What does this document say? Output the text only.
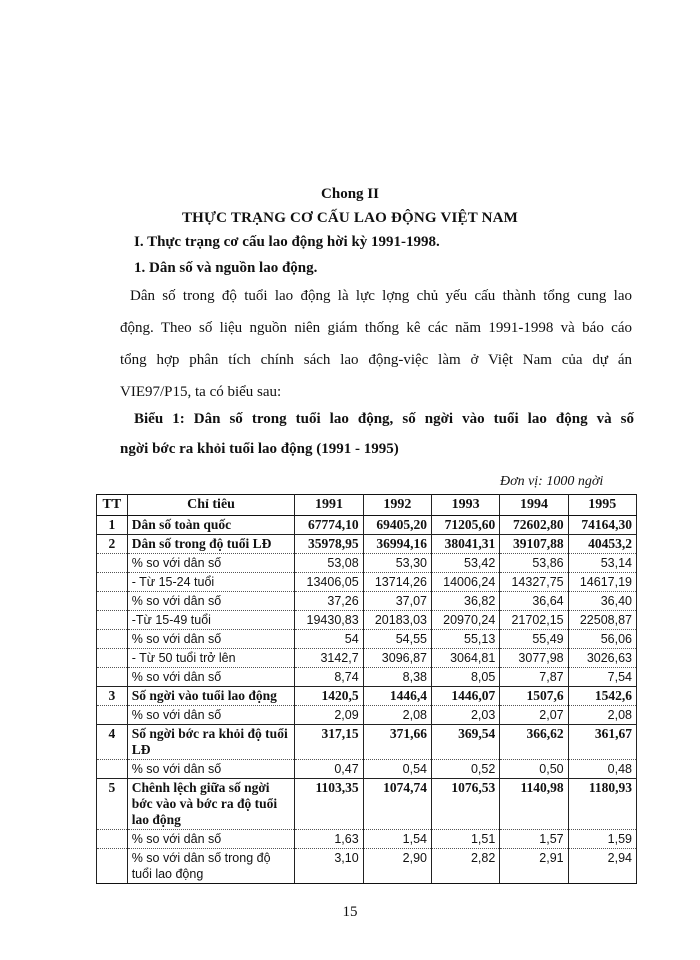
Chong II
THỰC TRẠNG CƠ CẤU LAO ĐỘNG VIỆT NAM
I. Thực trạng cơ cấu lao động hời kỳ 1991-1998.
1. Dân số và nguồn lao động.
Dân số trong độ tuổi lao động là lực lợng chủ yếu cấu thành tổng cung lao
động. Theo số liệu nguồn niên giám thống kê các năm 1991-1998 và báo cáo
tổng hợp phân tích chính sách lao động-việc làm ở Việt Nam của dự án
VIE97/P15, ta có biểu sau:
Biểu 1: Dân số trong tuổi lao động, số ngời vào tuổi lao động và số
ngời bớc ra khỏi tuổi lao động (1991 - 1995)
Đơn vị: 1000 ngời
TT	Chỉ tiêu	1991	1992	1993	1994	1995
1	Dân số toàn quốc	67774,10	69405,20	71205,60	72602,80	74164,30
2	Dân số trong độ tuổi LĐ	35978,95	36994,16	38041,31	39107,88	40453,2
	% so với dân số	53,08	53,30	53,42	53,86	53,14
	- Từ 15-24 tuổi	13406,05	13714,26	14006,24	14327,75	14617,19
	% so với dân số	37,26	37,07	36,82	36,64	36,40
	-Từ 15-49 tuổi	19430,83	20183,03	20970,24	21702,15	22508,87
	% so với dân số	54	54,55	55,13	55,49	56,06
	- Từ 50 tuổi trở lên	3142,7	3096,87	3064,81	3077,98	3026,63
	% so với dân số	8,74	8,38	8,05	7,87	7,54
3	Số ngời vào tuổi lao động	1420,5	1446,4	1446,07	1507,6	1542,6
	% so với dân số	2,09	2,08	2,03	2,07	2,08
4	Số ngời bớc ra khỏi độ tuổi LĐ	317,15	371,66	369,54	366,62	361,67
	% so với dân số	0,47	0,54	0,52	0,50	0,48
5	Chênh lệch giữa số ngời bớc vào và bớc ra độ tuổi lao động	1103,35	1074,74	1076,53	1140,98	1180,93
	% so với dân số	1,63	1,54	1,51	1,57	1,59
	% so với dân số trong độ tuổi lao động	3,10	2,90	2,82	2,91	2,94
15
